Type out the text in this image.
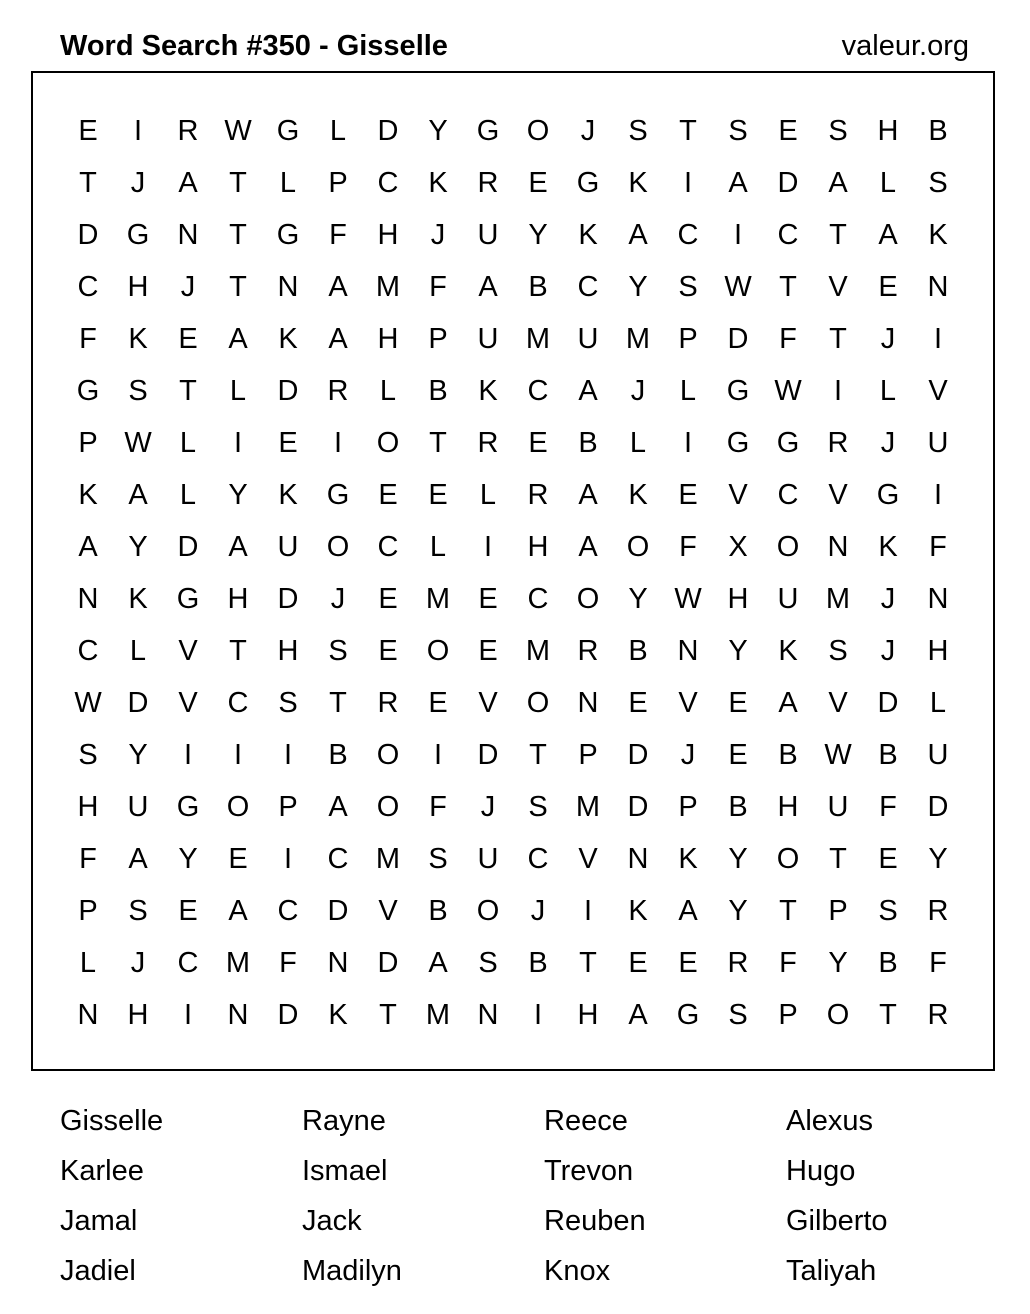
Word Search #350 - Gisselle	valeur.org
E	I	R W G	L	D	Y	G O	J	S	T	S	E	S	H	B
T	J	A	T	L	P	C	K	R	E	G	K	I	A	D	A	L	S
D G N	T	G	F	H	J	U	Y	K	A	C	I	C	T	A	K
C	H	J	T	N	A M	F	A	B	C	Y	S W T	V	E	N
F	K	E	A	K	A	H	P	U M U M P	D	F	T	J	I
G	S	T	L	D	R	L	B	K	C	A	J	L	G W	I	L	V
P W L	I	E	I	O	T	R	E	B	L	I	G G R	J	U
K	A	L	Y	K	G	E	E	L	R	A	K	E	V	C	V	G	I
A	Y	D	A	U O C	L	I	H	A	O	F	X	O N	K	F
N	K	G H	D	J	E M E	C O	Y W H	U M	J	N
C	L	V	T	H	S	E	O	E M R	B	N	Y	K	S	J	H
W D	V	C	S	T	R	E	V	O N	E	V	E	A	V	D	L
S	Y	I	I	I	B	O	I	D	T	P	D	J	E	B W B	U
H	U G O	P	A	O	F	J	S M D	P	B	H	U	F	D
F	A	Y	E	I	C M S	U	C	V	N	K	Y	O	T	E	Y
P	S	E	A	C	D	V	B	O	J	I	K	A	Y	T	P	S	R
L	J	C M	F	N	D	A	S	B	T	E	E	R	F	Y	B	F
N	H	I	N	D	K	T	M N	I	H	A	G	S	P	O	T	R
Gisselle	Rayne	Reece	Alexus
Karlee	Ismael	Trevon	Hugo
Jamal	Jack	Reuben	Gilberto
Jadiel	Madilyn	Knox	Taliyah
